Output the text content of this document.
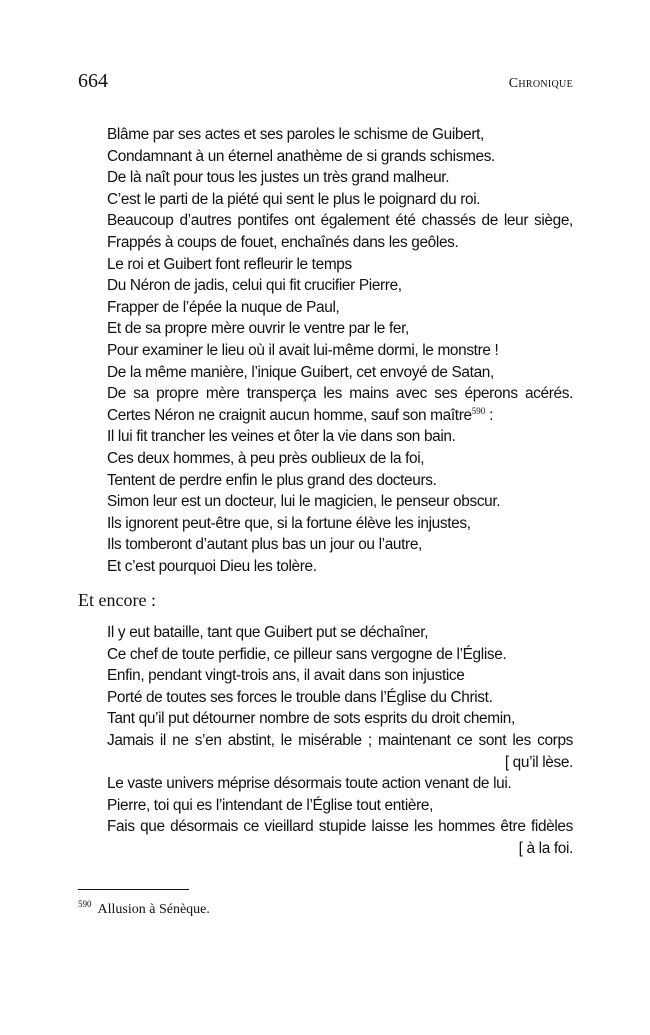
664	Chronique
Blâme par ses actes et ses paroles le schisme de Guibert,
Condamnant à un éternel anathème de si grands schismes.
De là naît pour tous les justes un très grand malheur.
C’est le parti de la piété qui sent le plus le poignard du roi.
Beaucoup d’autres pontifes ont également été chassés de leur siège,
Frappés à coups de fouet, enchaînés dans les geôles.
Le roi et Guibert font refleurir le temps
Du Néron de jadis, celui qui fit crucifier Pierre,
Frapper de l’épée la nuque de Paul,
Et de sa propre mère ouvrir le ventre par le fer,
Pour examiner le lieu où il avait lui-même dormi, le monstre !
De la même manière, l’inique Guibert, cet envoyé de Satan,
De sa propre mère transperça les mains avec ses éperons acérés.
Certes Néron ne craignit aucun homme, sauf son maître$^{590}$ :
Il lui fit trancher les veines et ôter la vie dans son bain.
Ces deux hommes, à peu près oublieux de la foi,
Tentent de perdre enfin le plus grand des docteurs.
Simon leur est un docteur, lui le magicien, le penseur obscur.
Ils ignorent peut-être que, si la fortune élève les injustes,
Ils tomberont d’autant plus bas un jour ou l’autre,
Et c’est pourquoi Dieu les tolère.
Et encore :
Il y eut bataille, tant que Guibert put se déchaîner,
Ce chef de toute perfidie, ce pilleur sans vergogne de l’Église.
Enfin, pendant vingt-trois ans, il avait dans son injustice
Porté de toutes ses forces le trouble dans l’Église du Christ.
Tant qu’il put détourner nombre de sots esprits du droit chemin,
Jamais il ne s’en abstint, le misérable ; maintenant ce sont les corps
[ qu’il lèse.
Le vaste univers méprise désormais toute action venant de lui.
Pierre, toi qui es l’intendant de l’Église tout entière,
Fais que désormais ce vieillard stupide laisse les hommes être fidèles
[ à la foi.
$^{590}$ Allusion à Sénèque.
